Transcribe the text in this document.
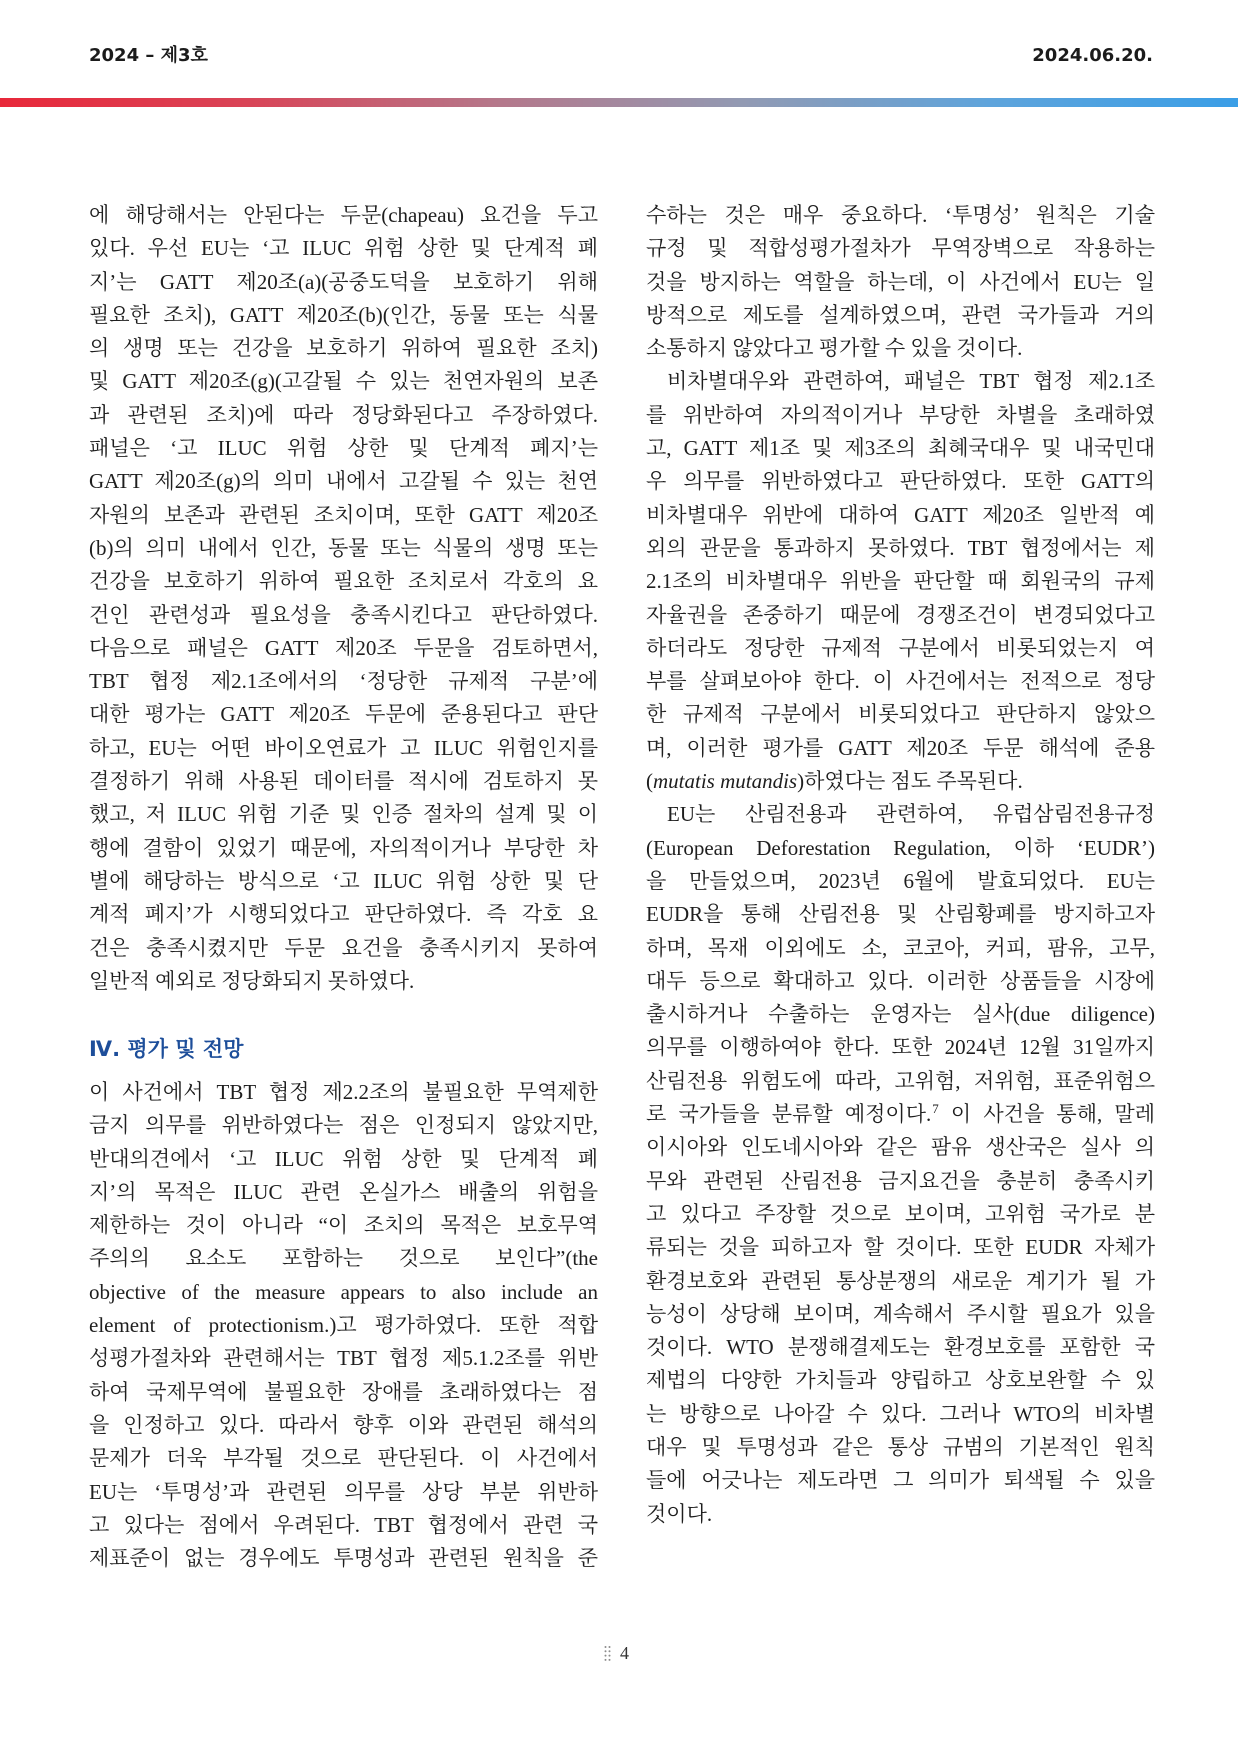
2024 – 제3호	2024.06.20.
에 해당해서는 안된다는 두문(chapeau) 요건을 두고
있다. 우선 EU는 ‘고 ILUC 위험 상한 및 단계적 폐
지’는 GATT 제20조(a)(공중도덕을 보호하기 위해
필요한 조치), GATT 제20조(b)(인간, 동물 또는 식물
의 생명 또는 건강을 보호하기 위하여 필요한 조치)
및 GATT 제20조(g)(고갈될 수 있는 천연자원의 보존
과 관련된 조치)에 따라 정당화된다고 주장하였다.
패널은 ‘고 ILUC 위험 상한 및 단계적 폐지’는
GATT 제20조(g)의 의미 내에서 고갈될 수 있는 천연
자원의 보존과 관련된 조치이며, 또한 GATT 제20조
(b)의 의미 내에서 인간, 동물 또는 식물의 생명 또는
건강을 보호하기 위하여 필요한 조치로서 각호의 요
건인 관련성과 필요성을 충족시킨다고 판단하였다.
다음으로 패널은 GATT 제20조 두문을 검토하면서,
TBT 협정 제2.1조에서의 ‘정당한 규제적 구분’에
대한 평가는 GATT 제20조 두문에 준용된다고 판단
하고, EU는 어떤 바이오연료가 고 ILUC 위험인지를
결정하기 위해 사용된 데이터를 적시에 검토하지 못
했고, 저 ILUC 위험 기준 및 인증 절차의 설계 및 이
행에 결함이 있었기 때문에, 자의적이거나 부당한 차
별에 해당하는 방식으로 ‘고 ILUC 위험 상한 및 단
계적 폐지’가 시행되었다고 판단하였다. 즉 각호 요
건은 충족시켰지만 두문 요건을 충족시키지 못하여
일반적 예외로 정당화되지 못하였다.
Ⅳ. 평가 및 전망
이 사건에서 TBT 협정 제2.2조의 불필요한 무역제한
금지 의무를 위반하였다는 점은 인정되지 않았지만,
반대의견에서 ‘고 ILUC 위험 상한 및 단계적 폐
지’의 목적은 ILUC 관련 온실가스 배출의 위험을
제한하는 것이 아니라 “이 조치의 목적은 보호무역
주의의 요소도 포함하는 것으로 보인다”(the
objective of the measure appears to also include an
element of protectionism.)고 평가하였다. 또한 적합
성평가절차와 관련해서는 TBT 협정 제5.1.2조를 위반
하여 국제무역에 불필요한 장애를 초래하였다는 점
을 인정하고 있다. 따라서 향후 이와 관련된 해석의
문제가 더욱 부각될 것으로 판단된다. 이 사건에서
EU는 ‘투명성’과 관련된 의무를 상당 부분 위반하
고 있다는 점에서 우려된다. TBT 협정에서 관련 국
제표준이 없는 경우에도 투명성과 관련된 원칙을 준
수하는 것은 매우 중요하다. ‘투명성’ 원칙은 기술
규정 및 적합성평가절차가 무역장벽으로 작용하는
것을 방지하는 역할을 하는데, 이 사건에서 EU는 일
방적으로 제도를 설계하였으며, 관련 국가들과 거의
소통하지 않았다고 평가할 수 있을 것이다.
비차별대우와 관련하여, 패널은 TBT 협정 제2.1조
를 위반하여 자의적이거나 부당한 차별을 초래하였
고, GATT 제1조 및 제3조의 최혜국대우 및 내국민대
우 의무를 위반하였다고 판단하였다. 또한 GATT의
비차별대우 위반에 대하여 GATT 제20조 일반적 예
외의 관문을 통과하지 못하였다. TBT 협정에서는 제
2.1조의 비차별대우 위반을 판단할 때 회원국의 규제
자율권을 존중하기 때문에 경쟁조건이 변경되었다고
하더라도 정당한 규제적 구분에서 비롯되었는지 여
부를 살펴보아야 한다. 이 사건에서는 전적으로 정당
한 규제적 구분에서 비롯되었다고 판단하지 않았으
며, 이러한 평가를 GATT 제20조 두문 해석에 준용
(mutatis mutandis)하였다는 점도 주목된다.
EU는 산림전용과 관련하여, 유럽삼림전용규정
(European Deforestation Regulation, 이하 ‘EUDR’)
을 만들었으며, 2023년 6월에 발효되었다. EU는
EUDR을 통해 산림전용 및 산림황폐를 방지하고자
하며, 목재 이외에도 소, 코코아, 커피, 팜유, 고무,
대두 등으로 확대하고 있다. 이러한 상품들을 시장에
출시하거나 수출하는 운영자는 실사(due diligence)
의무를 이행하여야 한다. 또한 2024년 12월 31일까지
산림전용 위험도에 따라, 고위험, 저위험, 표준위험으
로 국가들을 분류할 예정이다.$^7$ 이 사건을 통해, 말레
이시아와 인도네시아와 같은 팜유 생산국은 실사 의
무와 관련된 산림전용 금지요건을 충분히 충족시키
고 있다고 주장할 것으로 보이며, 고위험 국가로 분
류되는 것을 피하고자 할 것이다. 또한 EUDR 자체가
환경보호와 관련된 통상분쟁의 새로운 계기가 될 가
능성이 상당해 보이며, 계속해서 주시할 필요가 있을
것이다. WTO 분쟁해결제도는 환경보호를 포함한 국
제법의 다양한 가치들과 양립하고 상호보완할 수 있
는 방향으로 나아갈 수 있다. 그러나 WTO의 비차별
대우 및 투명성과 같은 통상 규범의 기본적인 원칙
들에 어긋나는 제도라면 그 의미가 퇴색될 수 있을
것이다.
4
